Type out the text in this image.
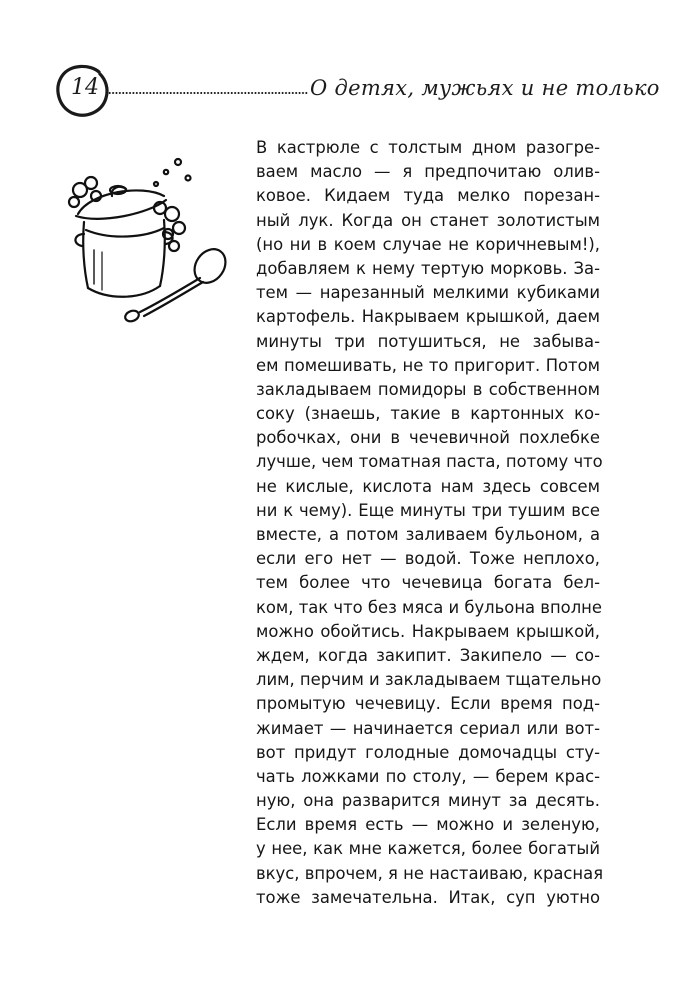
14	О детях, мужьях и не только
В кастрюле с толстым дном разогре-
ваем масло — я предпочитаю олив-
ковое. Кидаем туда мелко порезан-
ный лук. Когда он станет золотистым
(но ни в коем случае не коричневым!),
добавляем к нему тертую морковь. За-
тем — нарезанный мелкими кубиками
картофель. Накрываем крышкой, даем
минуты три потушиться, не забыва-
ем помешивать, не то пригорит. Потом
закладываем помидоры в собственном
соку (знаешь, такие в картонных ко-
робочках, они в чечевичной похлебке
лучше, чем томатная паста, потому что
не кислые, кислота нам здесь совсем
ни к чему). Еще минуты три тушим все
вместе, а потом заливаем бульоном, а
если его нет — водой. Тоже неплохо,
тем более что чечевица богата бел-
ком, так что без мяса и бульона вполне
можно обойтись. Накрываем крышкой,
ждем, когда закипит. Закипело — со-
лим, перчим и закладываем тщательно
промытую чечевицу. Если время под-
жимает — начинается сериал или вот-
вот придут голодные домочадцы сту-
чать ложками по столу, — берем крас-
ную, она разварится минут за десять.
Если время есть — можно и зеленую,
у нее, как мне кажется, более богатый
вкус, впрочем, я не настаиваю, красная
тоже замечательна. Итак, суп уютно
